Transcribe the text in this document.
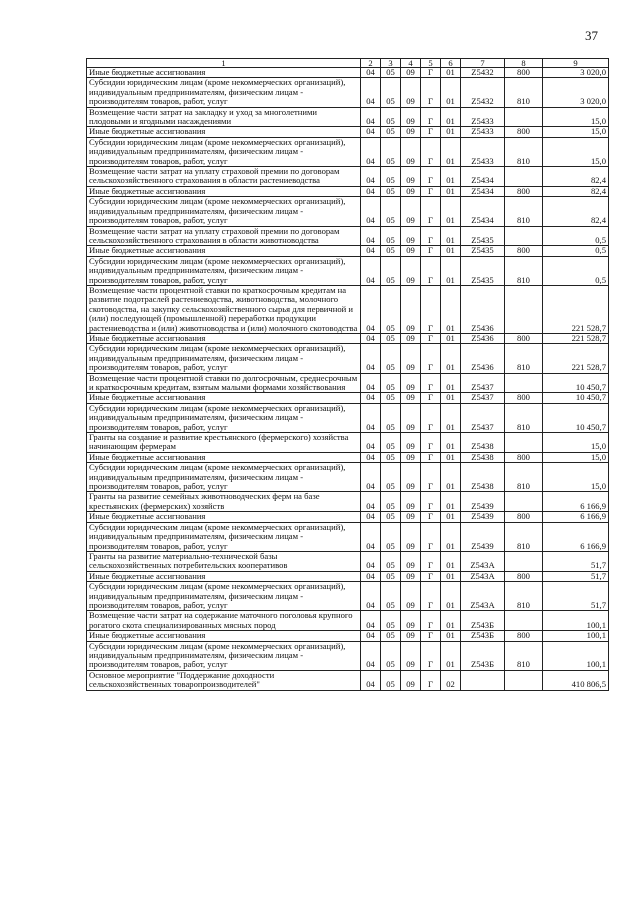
37
1	2	3	4	5	6	7	8	9
Иные бюджетные ассигнования	04	05	09	Г	01	Z5432	800	3 020,0
Субсидии юридическим лицам (кроме некоммерческих организаций), индивидуальным предпринимателям, физическим лицам - производителям товаров, работ, услуг	04	05	09	Г	01	Z5432	810	3 020,0
Возмещение части затрат на закладку и уход за многолетними плодовыми и ягодными насаждениями	04	05	09	Г	01	Z5433		15,0
Иные бюджетные ассигнования	04	05	09	Г	01	Z5433	800	15,0
Субсидии юридическим лицам (кроме некоммерческих организаций), индивидуальным предпринимателям, физическим лицам - производителям товаров, работ, услуг	04	05	09	Г	01	Z5433	810	15,0
Возмещение части затрат на уплату страховой премии по договорам сельскохозяйственного страхования в области растениеводства	04	05	09	Г	01	Z5434		82,4
Иные бюджетные ассигнования	04	05	09	Г	01	Z5434	800	82,4
Субсидии юридическим лицам (кроме некоммерческих организаций), индивидуальным предпринимателям, физическим лицам - производителям товаров, работ, услуг	04	05	09	Г	01	Z5434	810	82,4
Возмещение части затрат на уплату страховой премии по договорам сельскохозяйственного страхования в области животноводства	04	05	09	Г	01	Z5435		0,5
Иные бюджетные ассигнования	04	05	09	Г	01	Z5435	800	0,5
Субсидии юридическим лицам (кроме некоммерческих организаций), индивидуальным предпринимателям, физическим лицам - производителям товаров, работ, услуг	04	05	09	Г	01	Z5435	810	0,5
Возмещение части процентной ставки по краткосрочным кредитам на развитие подотраслей растениеводства, животноводства, молочного скотоводства, на закупку сельскохозяйственного сырья для первичной и (или) последующей (промышленной) переработки продукции растениеводства и (или) животноводства и (или) молочного скотоводства	04	05	09	Г	01	Z5436		221 528,7
Иные бюджетные ассигнования	04	05	09	Г	01	Z5436	800	221 528,7
Субсидии юридическим лицам (кроме некоммерческих организаций), индивидуальным предпринимателям, физическим лицам - производителям товаров, работ, услуг	04	05	09	Г	01	Z5436	810	221 528,7
Возмещение части процентной ставки по долгосрочным, среднесрочным и краткосрочным кредитам, взятым малыми формами хозяйствования	04	05	09	Г	01	Z5437		10 450,7
Иные бюджетные ассигнования	04	05	09	Г	01	Z5437	800	10 450,7
Субсидии юридическим лицам (кроме некоммерческих организаций), индивидуальным предпринимателям, физическим лицам - производителям товаров, работ, услуг	04	05	09	Г	01	Z5437	810	10 450,7
Гранты на создание и развитие крестьянского (фермерского) хозяйства начинающим фермерам	04	05	09	Г	01	Z5438		15,0
Иные бюджетные ассигнования	04	05	09	Г	01	Z5438	800	15,0
Субсидии юридическим лицам (кроме некоммерческих организаций), индивидуальным предпринимателям, физическим лицам - производителям товаров, работ, услуг	04	05	09	Г	01	Z5438	810	15,0
Гранты на развитие семейных животноводческих ферм на базе крестьянских (фермерских) хозяйств	04	05	09	Г	01	Z5439		6 166,9
Иные бюджетные ассигнования	04	05	09	Г	01	Z5439	800	6 166,9
Субсидии юридическим лицам (кроме некоммерческих организаций), индивидуальным предпринимателям, физическим лицам - производителям товаров, работ, услуг	04	05	09	Г	01	Z5439	810	6 166,9
Гранты на развитие материально-технической базы сельскохозяйственных потребительских кооперативов	04	05	09	Г	01	Z543А		51,7
Иные бюджетные ассигнования	04	05	09	Г	01	Z543А	800	51,7
Субсидии юридическим лицам (кроме некоммерческих организаций), индивидуальным предпринимателям, физическим лицам - производителям товаров, работ, услуг	04	05	09	Г	01	Z543А	810	51,7
Возмещение части затрат на содержание маточного поголовья крупного рогатого скота специализированных мясных пород	04	05	09	Г	01	Z543Б		100,1
Иные бюджетные ассигнования	04	05	09	Г	01	Z543Б	800	100,1
Субсидии юридическим лицам (кроме некоммерческих организаций), индивидуальным предпринимателям, физическим лицам - производителям товаров, работ, услуг	04	05	09	Г	01	Z543Б	810	100,1
Основное мероприятие "Поддержание доходности сельскохозяйственных товаропроизводителей"	04	05	09	Г	02			410 806,5
